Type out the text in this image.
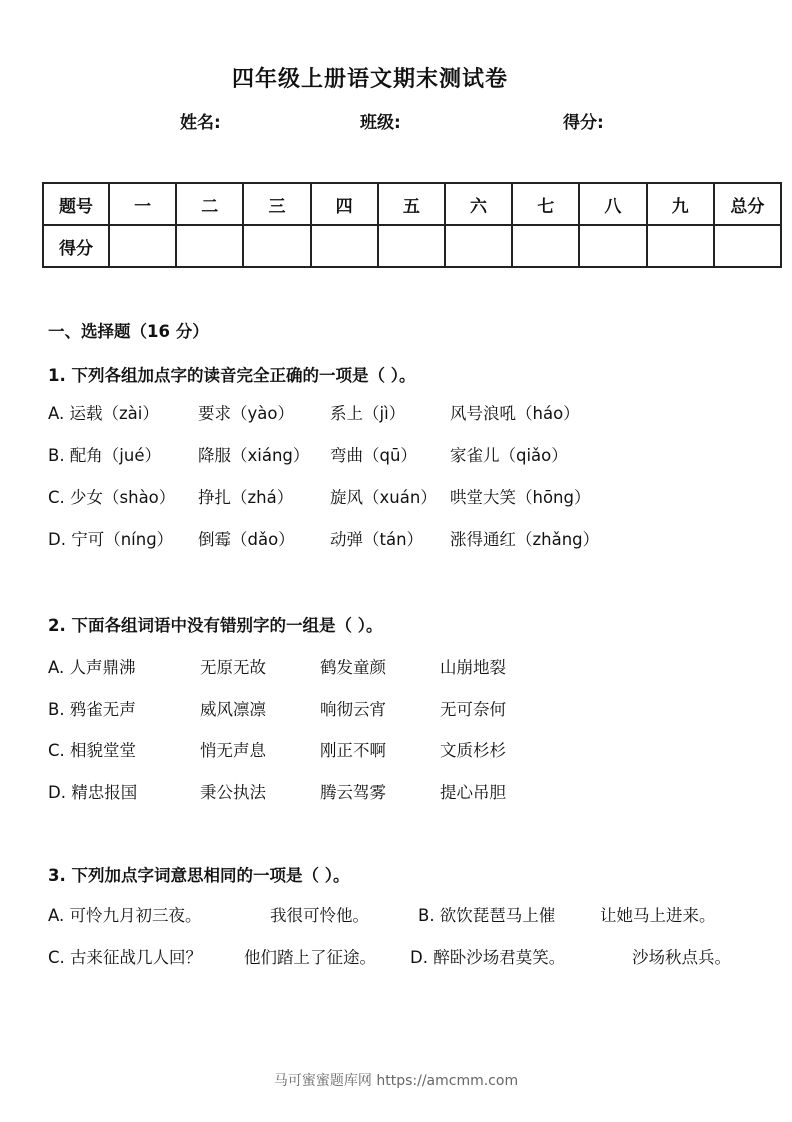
四年级上册语文期末测试卷
姓名:	班级:	得分:
题号	一	二	三	四	五	六	七	八	九	总分
得分										
一、选择题（16 分）
1. 下列各组加点字的读音完全正确的一项是（ ）。
A. 运载（zài） 要求（yào） 系上（jì）	风号浪吼（háo）
B. 配角（jué） 降服（xiáng） 弯曲（qū） 家雀儿（qiǎo）
C. 少女（shào） 挣扎（zhá） 旋风（xuán） 哄堂大笑（hōng）
D. 宁可（nínɡ） 倒霉（dǎo） 动弹（tán） 涨得通红（zhǎng）
2. 下面各组词语中没有错别字的一组是（ ）。
A. 人声鼎沸	无原无故	鹤发童颜	山崩地裂
B. 鸦雀无声	威风凛凛	响彻云宵	无可奈何
C. 相貌堂堂	悄无声息	刚正不啊	文质杉杉
D. 精忠报国	秉公执法	腾云驾雾	提心吊胆
3. 下列加点字词意思相同的一项是（ ）。
A. 可怜九月初三夜。	我很可怜他。	B. 欲饮琵琶马上催	让她马上进来。
C. 古来征战几人回？	他们踏上了征途。 D. 醉卧沙场君莫笑。	沙场秋点兵。
马可蜜蜜题库网 https://amcmm.com
